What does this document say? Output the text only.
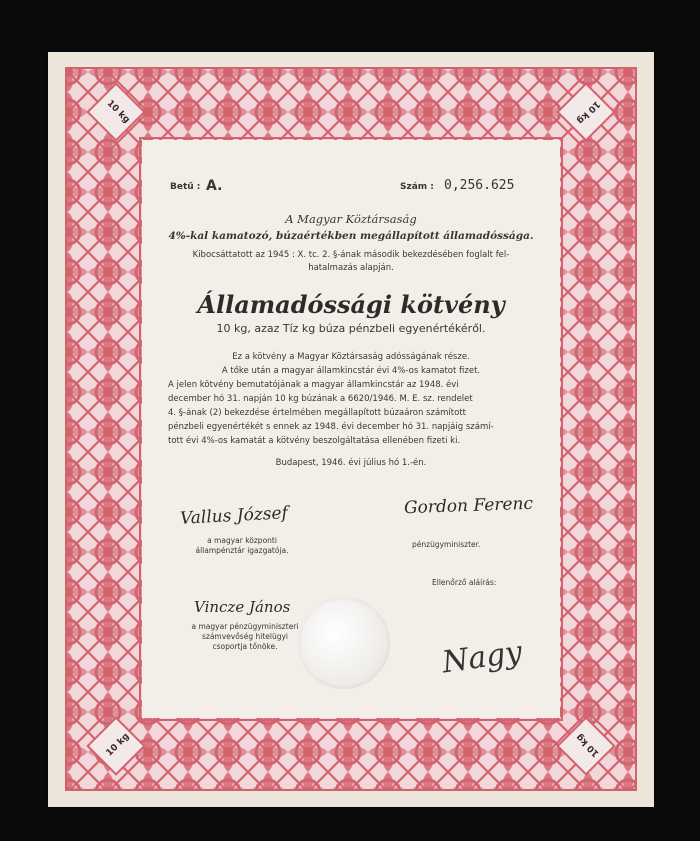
10 kg	10 kg
10 kg	10 kg
Betű : A.	Szám : 0,256.625
A Magyar Köztársaság
4%-kal kamatozó, búzaértékben megállapított államadóssága.
Kibocsáttatott az 1945 : X. tc. 2. §-ának második bekezdésében foglalt fel-
hatalmazás alapján.
Államadóssági kötvény
10 kg, azaz Tíz kg búza pénzbeli egyenértékéről.
Ez a kötvény a Magyar Köztársaság adósságának része.
A tőke után a magyar államkincstár évi 4%-os kamatot fizet.
A jelen kötvény bemutatójának a magyar államkincstár az 1948. évi
december hó 31. napján 10 kg búzának a 6620/1946. M. E. sz. rendelet
4. §-ának (2) bekezdése értelmében megállapított búzaáron számított
pénzbeli egyenértékét s ennek az 1948. évi december hó 31. napjáig számí-
tott évi 4%-os kamatát a kötvény beszolgáltatása ellenében fizeti ki.
Budapest, 1946. évi július hó 1.-én.
Vallus József
a magyar központi
állampénztár igazgatója.
Gordon Ferenc
pénzügyminiszter.
Vincze János
a magyar pénzügyminiszteri
számvevőség hitelügyi
csoportja tőnöke.
Ellenőrző aláírás:
Nagy
